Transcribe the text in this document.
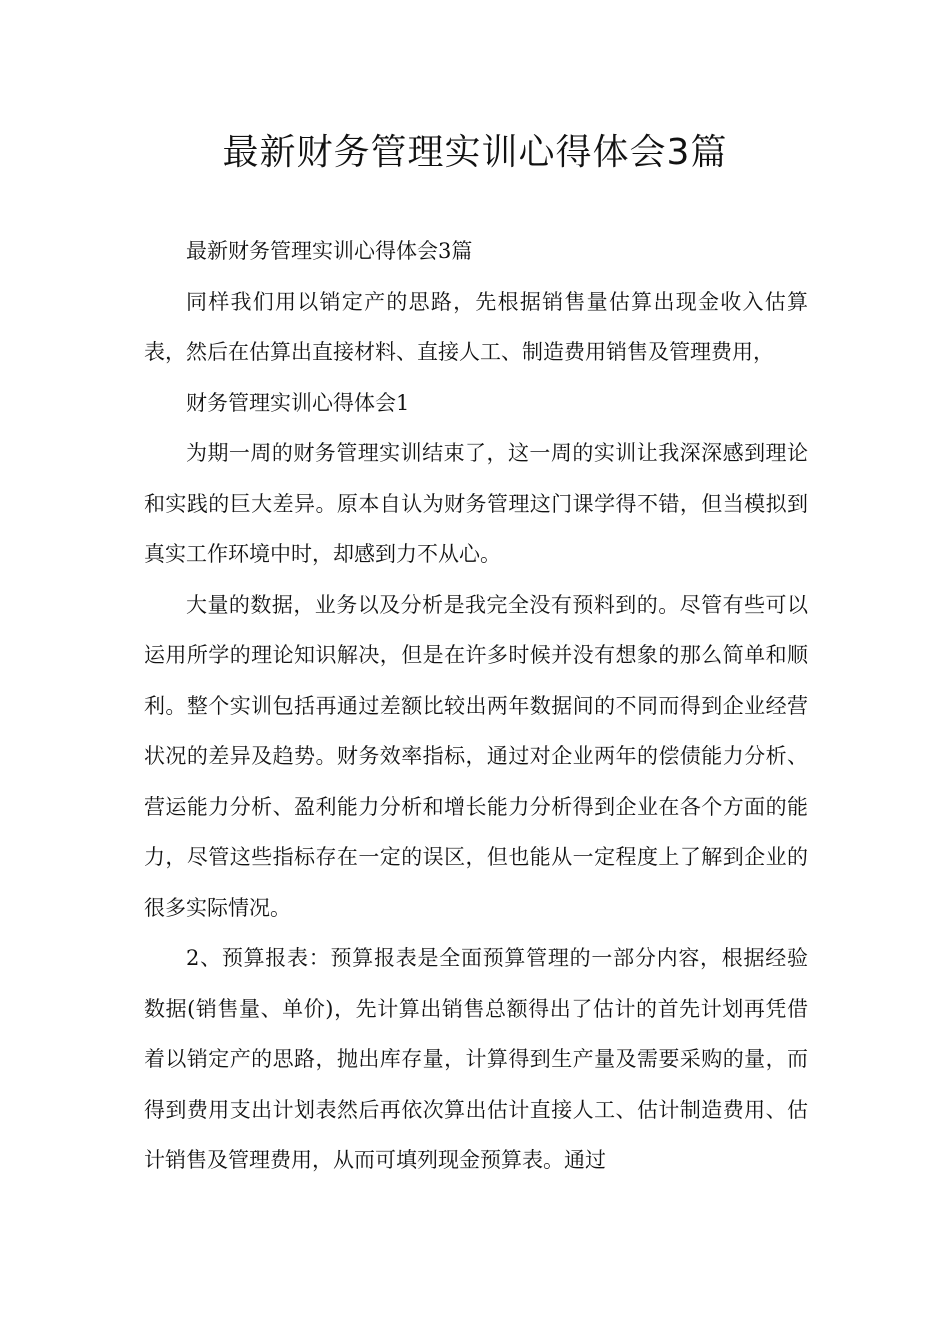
最新财务管理实训心得体会3篇

最新财务管理实训心得体会3篇

同样我们用以销定产的思路，先根据销售量估算出现金收入估算表，然后在估算出直接材料、直接人工、制造费用销售及管理费用，

财务管理实训心得体会1

为期一周的财务管理实训结束了，这一周的实训让我深深感到理论和实践的巨大差异。原本自认为财务管理这门课学得不错，但当模拟到真实工作环境中时，却感到力不从心。

大量的数据，业务以及分析是我完全没有预料到的。尽管有些可以运用所学的理论知识解决，但是在许多时候并没有想象的那么简单和顺利。整个实训包括再通过差额比较出两年数据间的不同而得到企业经营状况的差异及趋势。财务效率指标，通过对企业两年的偿债能力分析、营运能力分析、盈利能力分析和增长能力分析得到企业在各个方面的能力，尽管这些指标存在一定的误区，但也能从一定程度上了解到企业的很多实际情况。

2、预算报表：预算报表是全面预算管理的一部分内容，根据经验数据(销售量、单价)，先计算出销售总额得出了估计的首先计划再凭借着以销定产的思路，抛出库存量，计算得到生产量及需要采购的量，而得到费用支出计划表然后再依次算出估计直接人工、估计制造费用、估计销售及管理费用，从而可填列现金预算表。通过
